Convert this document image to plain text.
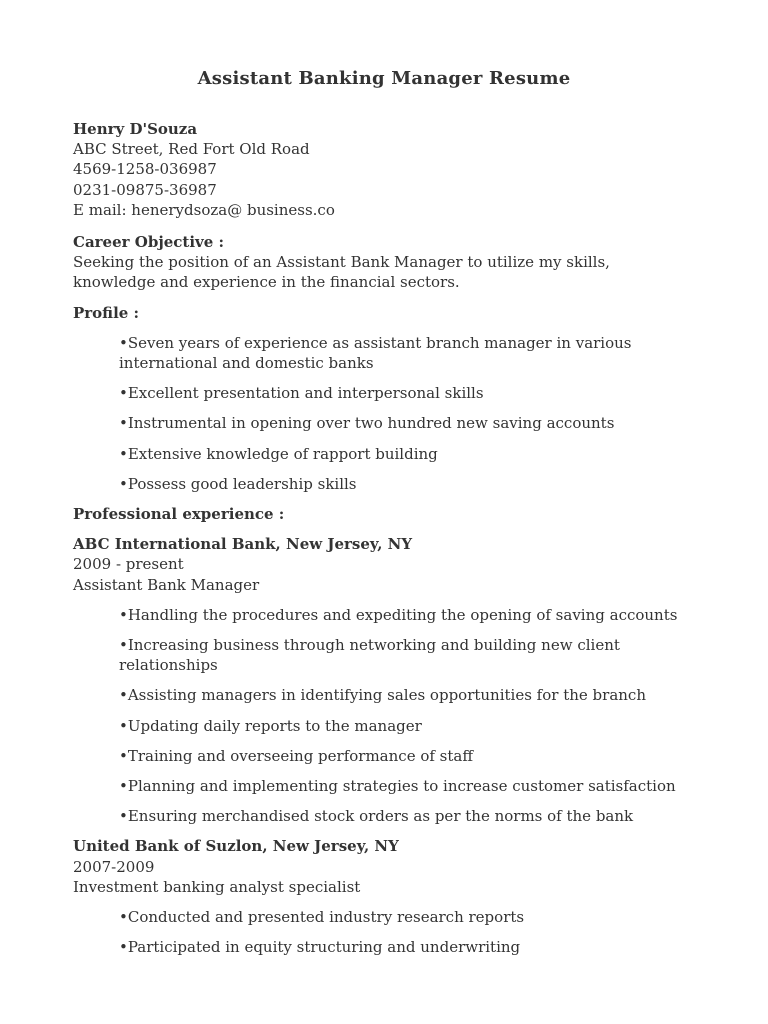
Assistant Banking Manager Resume
Henry D'Souza
ABC Street, Red Fort Old Road
4569-1258-036987
0231-09875-36987
E mail: henerydsoza@ business.co
Career Objective :
Seeking the position of an Assistant Bank Manager to utilize my skills, knowledge and experience in the financial sectors.
Profile :
•Seven years of experience as assistant branch manager in various international and domestic banks
•Excellent presentation and interpersonal skills
•Instrumental in opening over two hundred new saving accounts
•Extensive knowledge of rapport building
•Possess good leadership skills
Professional experience :
ABC International Bank, New Jersey, NY
2009 - present
Assistant Bank Manager
•Handling the procedures and expediting the opening of saving accounts
•Increasing business through networking and building new client relationships
•Assisting managers in identifying sales opportunities for the branch
•Updating daily reports to the manager
•Training and overseeing performance of staff
•Planning and implementing strategies to increase customer satisfaction
•Ensuring merchandised stock orders as per the norms of the bank
United Bank of Suzlon, New Jersey, NY
2007-2009
Investment banking analyst specialist
•Conducted and presented industry research reports
•Participated in equity structuring and underwriting
